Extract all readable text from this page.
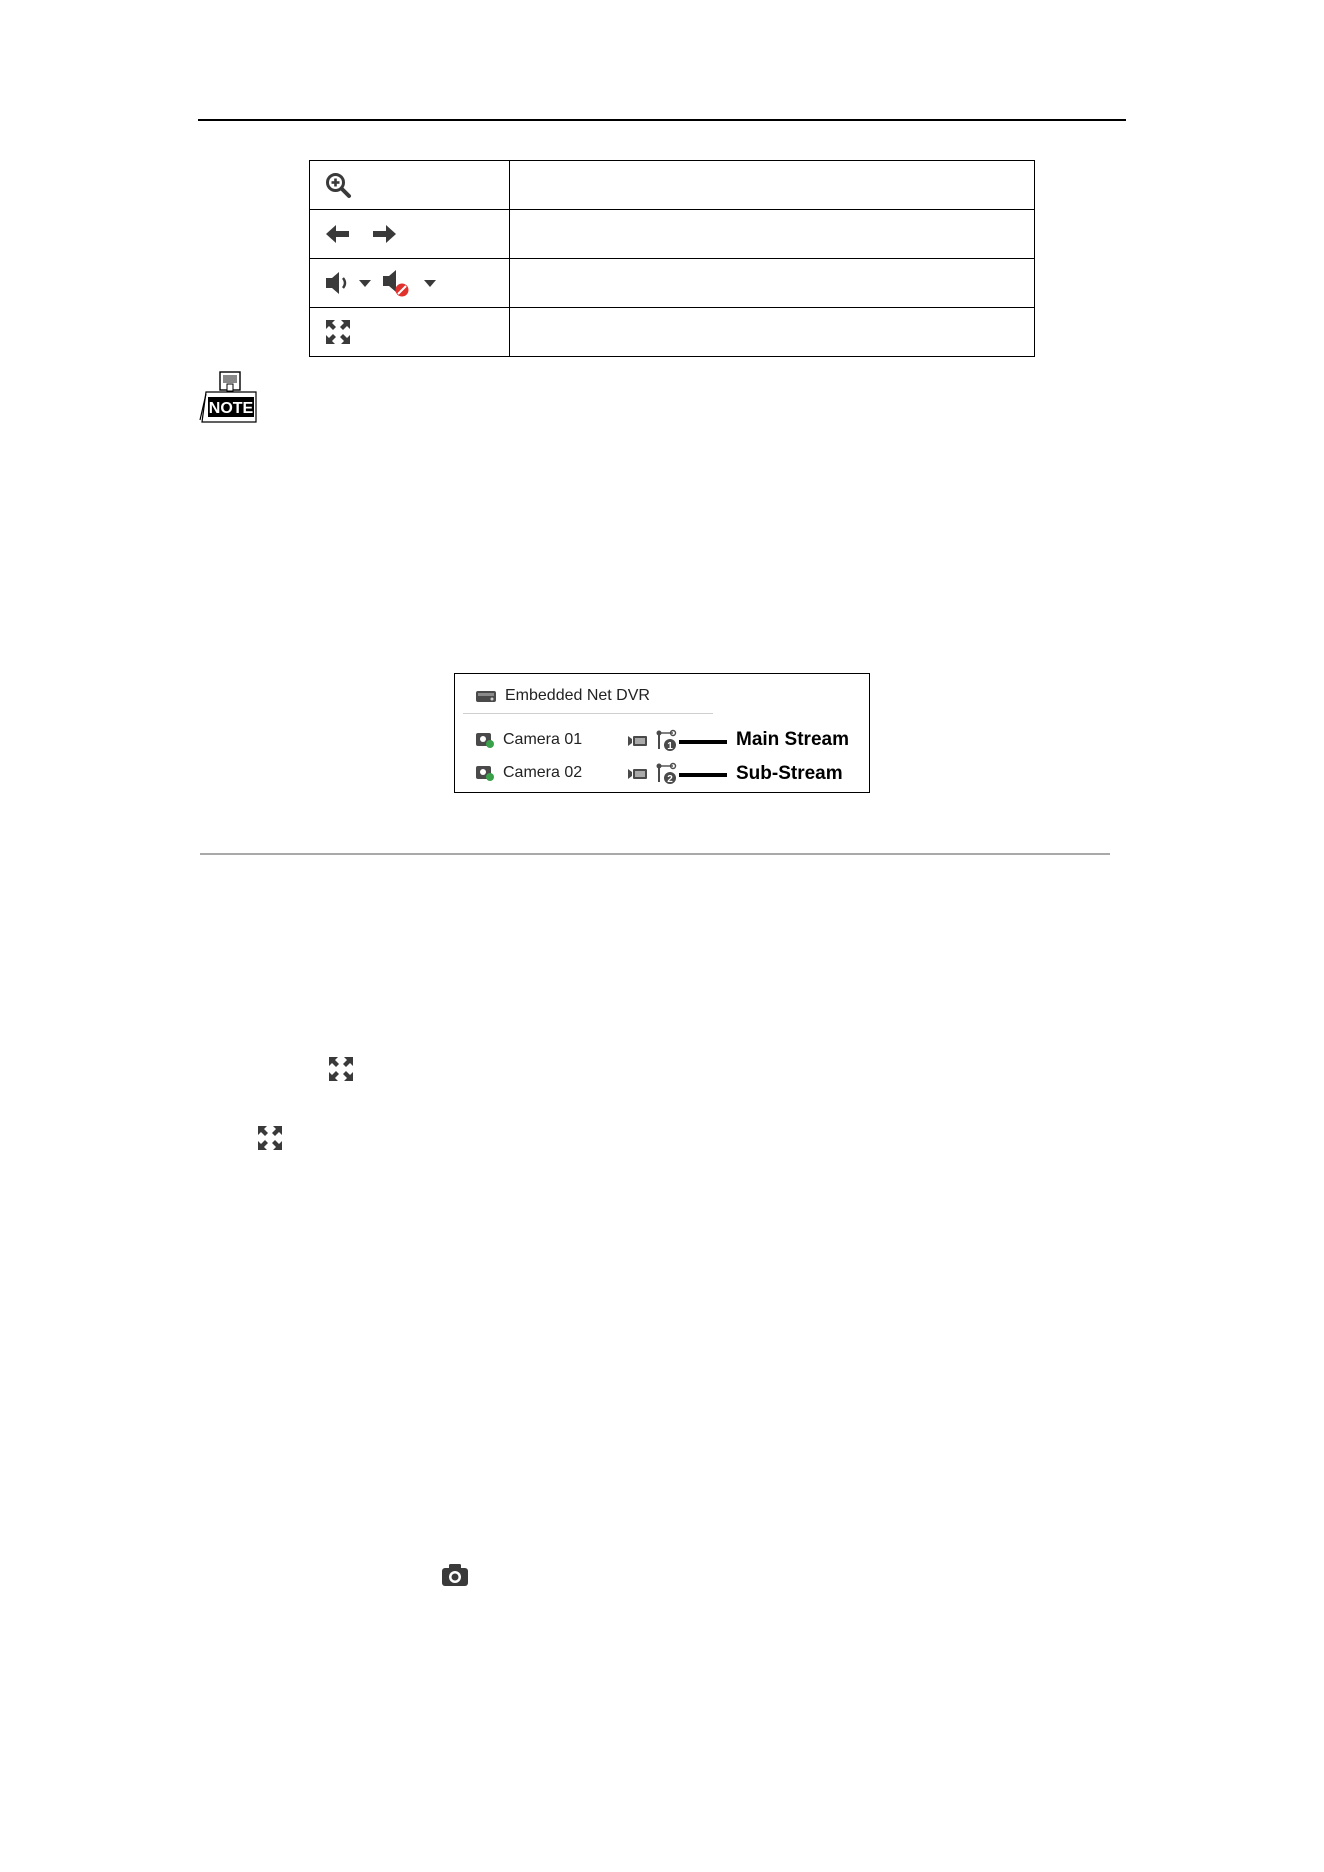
NOTE
Embedded Net DVR
Camera 01	1	Main Stream
Camera 02	2	Sub-Stream
